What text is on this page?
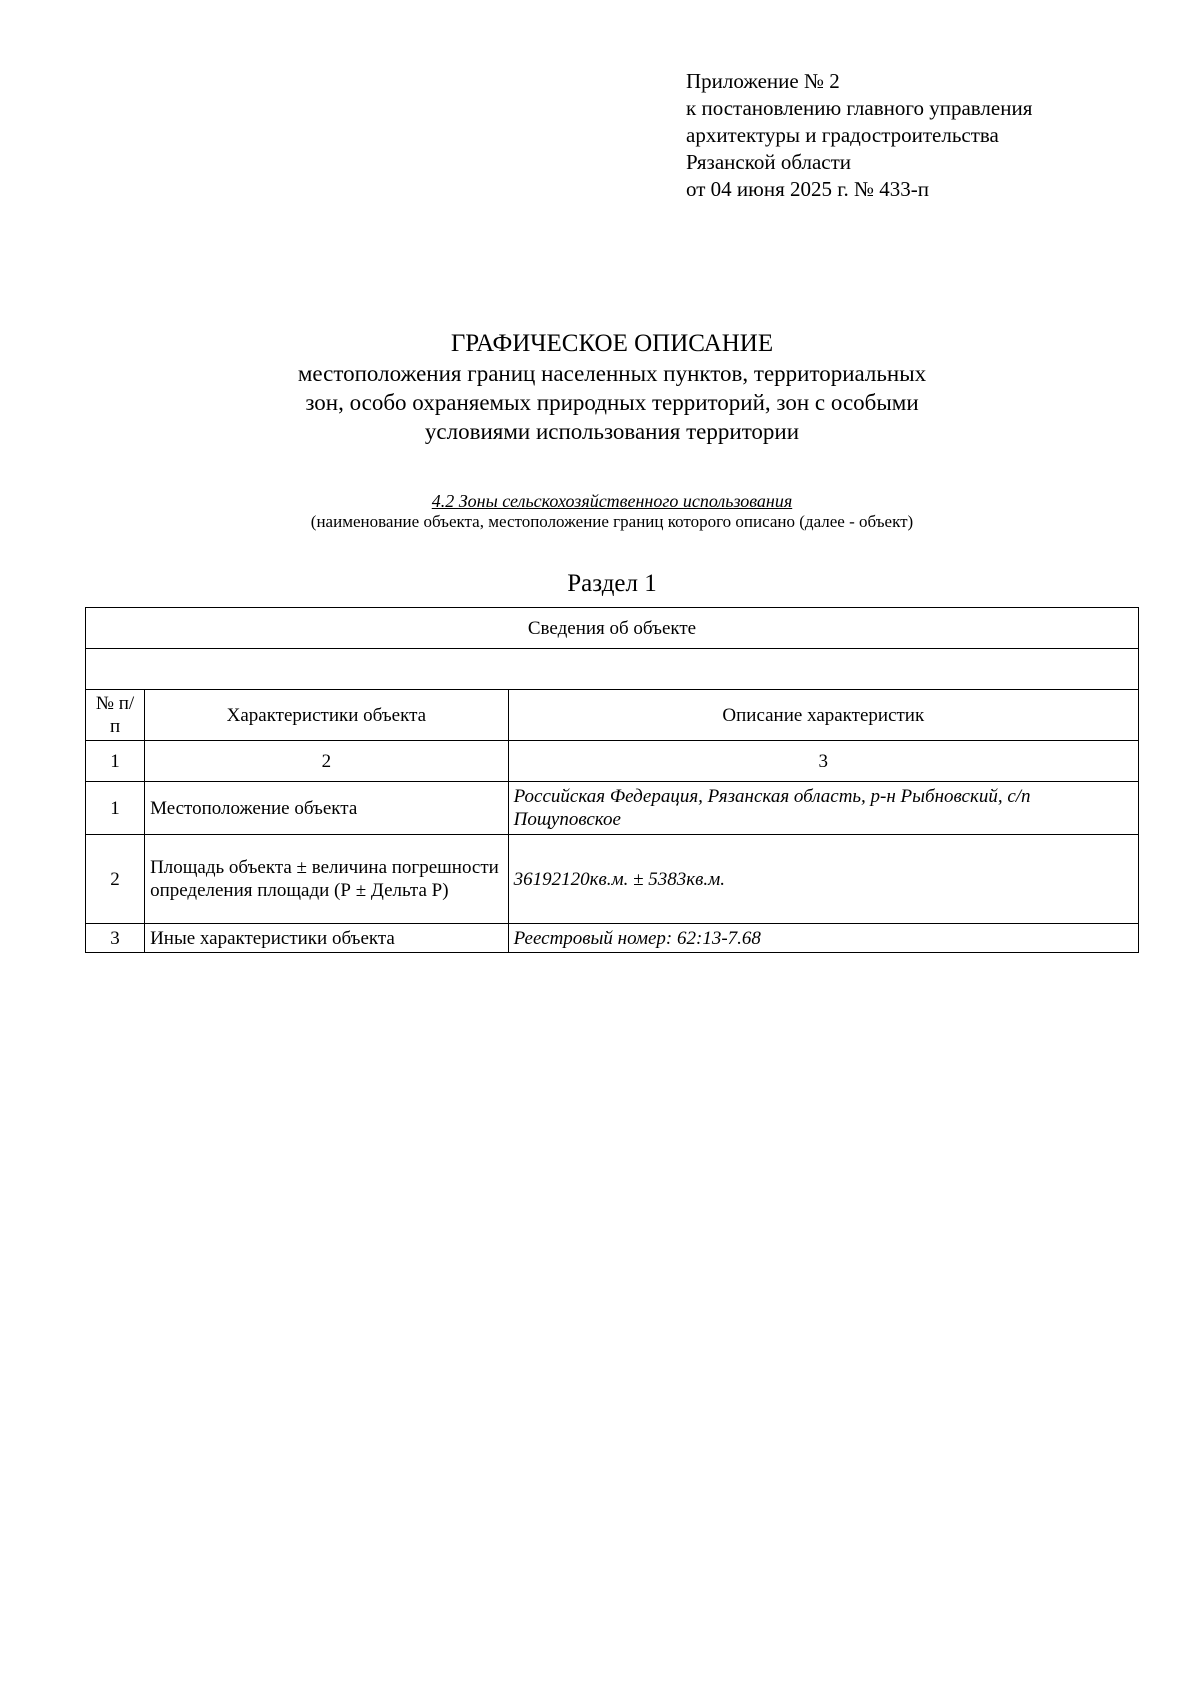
Приложение № 2
к постановлению главного управления
архитектуры и градостроительства
Рязанской области
от 04 июня 2025 г. № 433-п
ГРАФИЧЕСКОЕ ОПИСАНИЕ
местоположения границ населенных пунктов, территориальных
зон, особо охраняемых природных территорий, зон с особыми
условиями использования территории
4.2 Зоны сельскохозяйственного использования
(наименование объекта, местоположение границ которого описано (далее - объект)
Раздел 1
Сведения об объекте		

№ п/п	Характеристики объекта	Описание характеристик
1	2	3
1	Местоположение объекта	Российская Федерация, Рязанская область, р-н Рыбновский, с/п Пощуповское
2	Площадь объекта ± величина погрешности определения площади (Р ± Дельта Р)	36192120кв.м. ± 5383кв.м.
3	Иные характеристики объекта	Реестровый номер: 62:13-7.68
